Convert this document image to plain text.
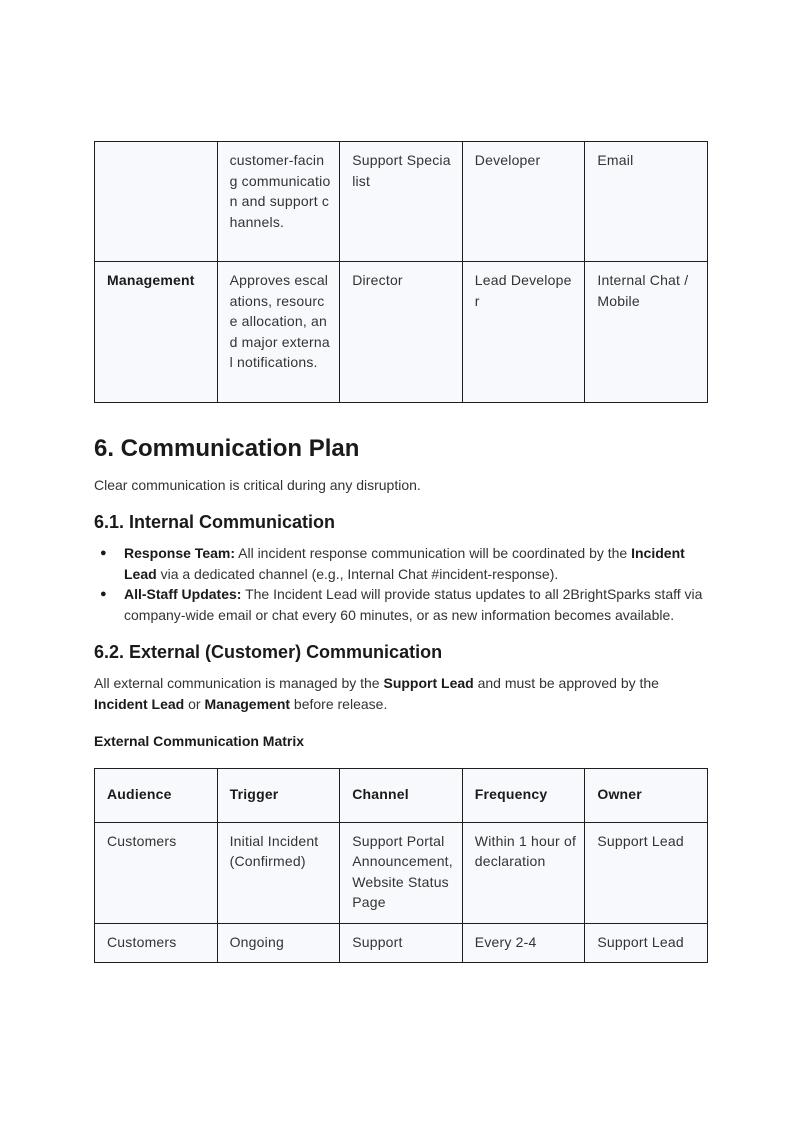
	customer-facing communication and support channels.	Support Specialist	Developer	Email
Management	Approves escalations, resource allocation, and major external notifications.	Director	Lead Developer	Internal Chat / Mobile
6. Communication Plan

Clear communication is critical during any disruption.

6.1. Internal Communication
● Response Team: All incident response communication will be coordinated by the Incident Lead via a dedicated channel (e.g., Internal Chat #incident-response).
● All-Staff Updates: The Incident Lead will provide status updates to all 2BrightSparks staff via company-wide email or chat every 60 minutes, or as new information becomes available.
6.2. External (Customer) Communication

All external communication is managed by the Support Lead and must be approved by the Incident Lead or Management before release.

External Communication Matrix

Audience	Trigger	Channel	Frequency	Owner
Customers	Initial Incident (Confirmed)	Support Portal Announcement, Website Status Page	Within 1 hour of declaration	Support Lead
Customers	Ongoing	Support	Every 2-4	Support Lead
